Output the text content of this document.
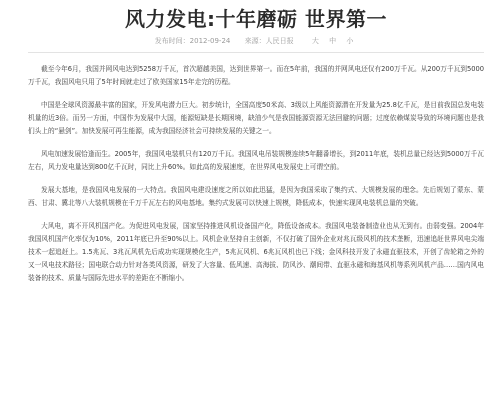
风力发电:十年磨砺 世界第一
发布时间：2012-09-24 来源：人民日报	大 中 小

截至今年6月，我国并网风电达到5258万千瓦，首次超越美国，达到世界第一。而在5年前，我国的并网风电还仅有200万千瓦。从200万千瓦到5000万千瓦，我国风电只用了5年时间就走过了欧美国家15年走完的历程。

中国是全球风资源最丰富的国家，开发风电潜力巨大。初步统计，全国高度50米高、3级以上风能资源潜在开发量为25.8亿千瓦，是目前我国总发电装机量的近3倍。而另一方面，中国作为发展中大国，能源短缺是长期困境，缺油少气是我国能源资源无法回避的问题；过度依赖煤炭导致的环境问题也是我们头上的“悬剑”。加快发展可再生能源，成为我国经济社会可持续发展的关键之一。

风电加速发展恰逢而生。2005年，我国风电装机只有120万千瓦。我国风电吊装规模连续5年翻番增长，到2011年底，装机总量已经达到5000万千瓦左右，风力发电量达到800亿千瓦时，同比上升60%。如此高的发展速度，在世界风电发展史上可谓空前。

发展大基地，是我国风电发展的一大特点。我国风电建设速度之所以如此迅猛，是因为我国采取了集约式、大规模发展的理念。先后规划了蒙东、蒙西、甘肃、冀北等八大装机规模在千万千瓦左右的风电基地。集约式发展可以快速上规模，降低成本，快速实现风电装机总量的突破。

大风电，离不开风机国产化。为促进风电发展，国家坚持推进风机设备国产化，降低设备成本。我国风电装备制造业也从无到有。由弱变强。2004年我国风机国产化率仅为10%，2011年底已升至90%以上。风机企业坚持自主创新，不仅打破了国外企业对兆瓦级风机的技术垄断，迅速追赶世界风电尖端技术一起追赶上。1.5兆瓦、3兆瓦风机先后成功实现规模化生产，5兆瓦风机、6兆瓦风机也已下线；金风科技开发了永磁直驱技术，开创了齿轮箱之外的又一风电技术路径；国电联合动力针对各类风资源，研发了大容量、低风速、高海拔、防风沙、潮间带、直驱永磁和海基风机等系列风机产品……国内风电装备的技术、质量与国际先进水平的差距在不断缩小。
